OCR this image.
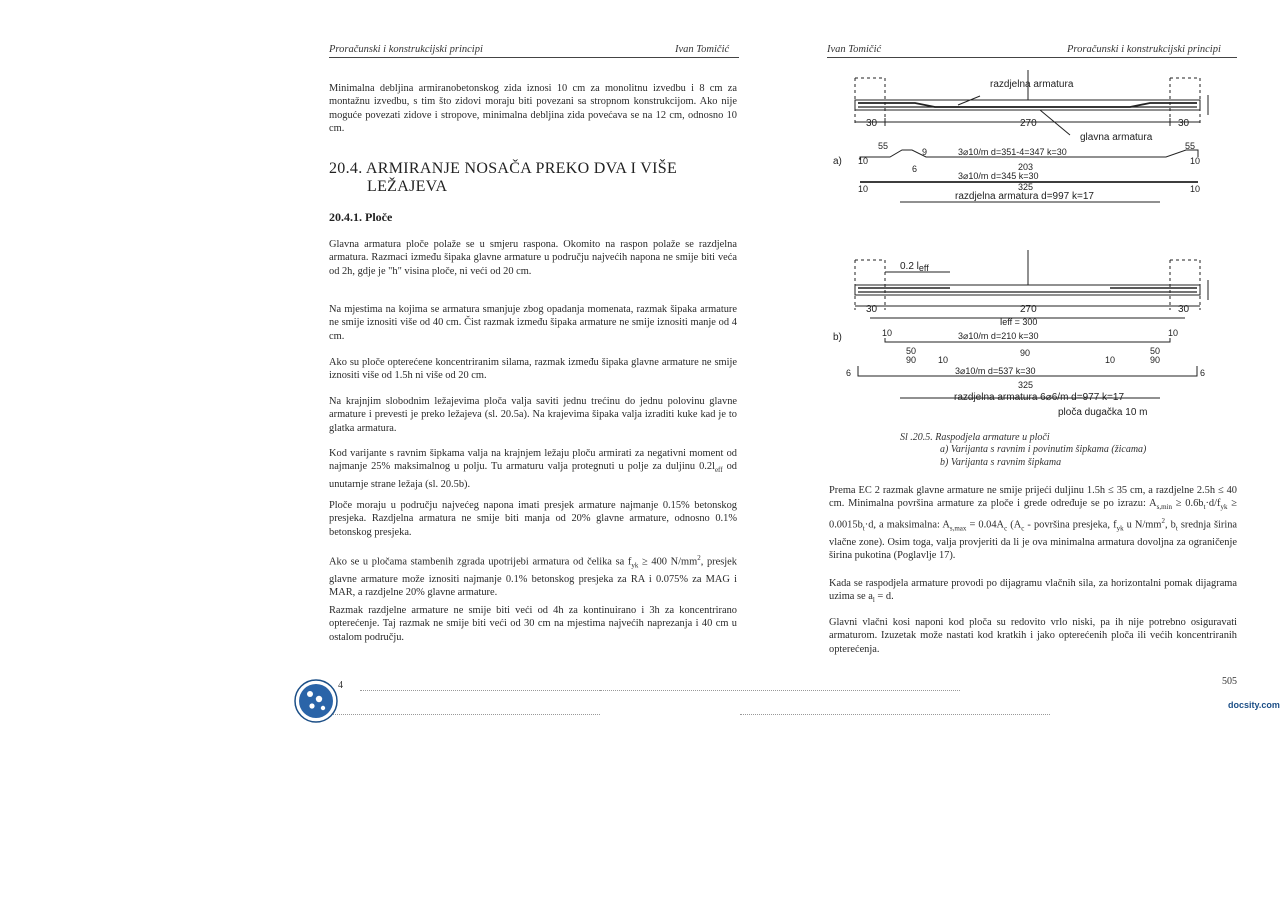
Proračunski i konstrukcijski principi	Ivan Tomičić
Minimalna debljina armiranobetonskog zida iznosi 10 cm za monolitnu izvedbu i 8 cm za montažnu izvedbu, s tim što zidovi moraju biti povezani sa stropnom konstrukcijom. Ako nije moguće povezati zidove i stropove, minimalna debljina zida povećava se na 12 cm, odnosno 10 cm.
20.4. ARMIRANJE NOSAČA PREKO DVA I VIŠE
LEŽAJEVA
20.4.1. Ploče
Glavna armatura ploče polaže se u smjeru raspona. Okomito na raspon polaže se razdjelna armatura. Razmaci između šipaka glavne armature u području najvećih napona ne smije biti veća od 2h, gdje je "h" visina ploče, ni veći od 20 cm.
Na mjestima na kojima se armatura smanjuje zbog opadanja momenata, razmak šipaka armature ne smije iznositi više od 40 cm. Čist razmak između šipaka armature ne smije iznositi manje od 4 cm.
Ako su ploče opterećene koncentriranim silama, razmak između šipaka glavne armature ne smije iznositi više od 1.5h ni više od 20 cm.
Na krajnjim slobodnim ležajevima ploča valja saviti jednu trećinu do jednu polovinu glavne armature i prevesti je preko ležajeva (sl. 20.5a). Na krajevima šipaka valja izraditi kuke kad je to glatka armatura.
Kod varijante s ravnim šipkama valja na krajnjem ležaju ploču armirati za negativni moment od najmanje 25% maksimalnog u polju. Tu armaturu valja protegnuti u polje za duljinu $0.2l_{eff}$ od unutarnje strane ležaja (sl. 20.5b).
Ploče moraju u području najvećeg napona imati presjek armature najmanje 0.15% betonskog presjeka. Razdjelna armatura ne smije biti manja od 20% glavne armature, odnosno 0.1% betonskog presjeka.
Ako se u pločama stambenih zgrada upotrijebi armatura od čelika sa $f_{yk} \ge 400$ $N/mm^2$, presjek glavne armature može iznositi najmanje 0.1% betonskog presjeka za RA i 0.075% za MAG i MAR, a razdjelne 20% glavne armature.
Razmak razdjelne armature ne smije biti veći od 4h za kontinuirano i 3h za koncentrirano opterećenje. Taj razmak ne smije biti veći od 30 cm na mjestima najvećih naprezanja i 40 cm u ostalom području.
4
Ivan Tomičić	Proračunski i konstrukcijski principi
Sl .20.5. Raspodjela armature u ploči
a) Varijanta s ravnim i povinutim šipkama (žicama)
b) Varijanta s ravnim šipkama
Prema EC 2 razmak glavne armature ne smije prijeći duljinu 1.5h ≤ 35 cm, a razdjelne 2.5h ≤ 40 cm. Minimalna površina armature za ploče i grede određuje se po izrazu: $A_{s,min} \ge 0.6b_t\cdot d/f_{yk} \ge 0.0015b_t\cdot d$, a maksimalna: $A_{s,max} = 0.04A_c$ ($A_c$ - površina presjeka, $f_{yk}$ u $N/mm^2$, $b_t$ srednja širina vlačne zone). Osim toga, valja provjeriti da li je ova minimalna armatura dovoljna za ograničenje širina pukotina (Poglavlje 17).
Kada se raspodjela armature provodi po dijagramu vlačnih sila, za horizontalni pomak dijagrama uzima se $a_l = d$.
Glavni vlačni kosi naponi kod ploča su redovito vrlo niski, pa ih nije potrebno osiguravati armaturom. Izuzetak može nastati kod kratkih i jako opterećenih ploča ili većih koncentriranih opterećenja.
505
docsity.com
razdjelna armatura
30	270	30
glavna armatura
55
9
6
55
a) 10	10
3⌀10/m d=351-4=347 k=30
203
3⌀10/m d=345 k=30
10	10
325
razdjelna armatura d=997 k=17
0.2 leff
30	270	30
leff = 300
b)	10	10
3⌀10/m d=210 k=30
50
90
90	50
90
10	10
6	6
3⌀10/m d=537 k=30
325
razdjelna armatura 6⌀6/m d=977 k=17
ploča dugačka 10 m
